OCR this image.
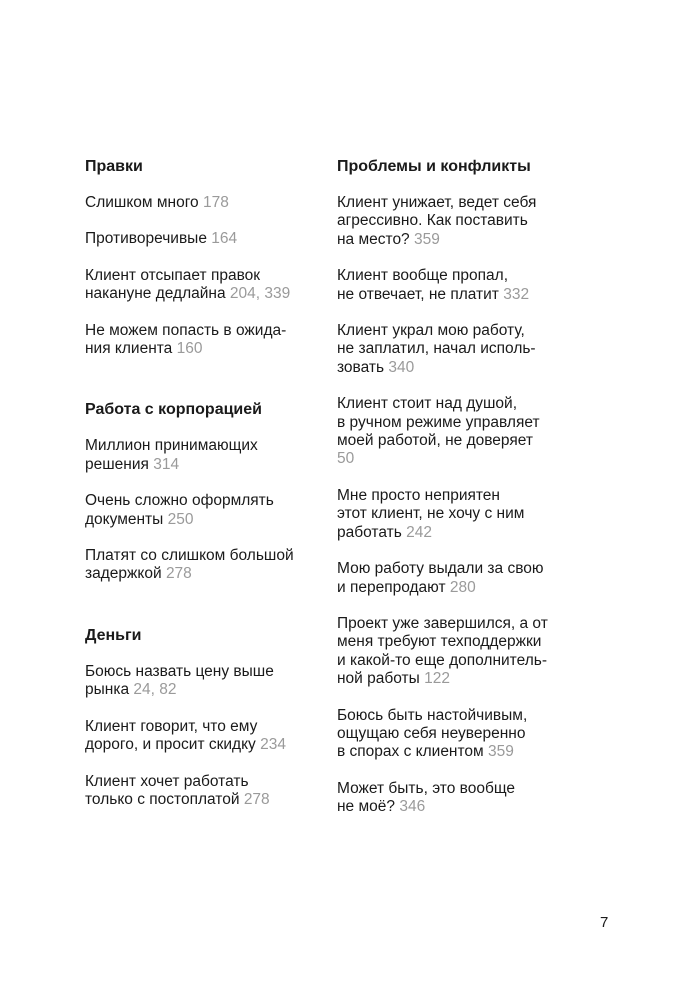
Правки
Слишком много 178
Противоречивые 164
Клиент отсыпает правок
накануне дедлайна 204, 339
Не можем попасть в ожида-
ния клиента 160
Работа с корпорацией
Миллион принимающих
решения 314
Очень сложно оформлять
документы 250
Платят со слишком большой
задержкой 278
Деньги
Боюсь назвать цену выше
рынка 24, 82
Клиент говорит, что ему
дорого, и просит скидку 234
Клиент хочет работать
только с постоплатой 278
Проблемы и конфликты
Клиент унижает, ведет себя
агрессивно. Как поставить
на место? 359
Клиент вообще пропал,
не отвечает, не платит 332
Клиент украл мою работу,
не заплатил, начал исполь-
зовать 340
Клиент стоит над душой,
в ручном режиме управляет
моей работой, не доверяет
50
Мне просто неприятен
этот клиент, не хочу с ним
работать 242
Мою работу выдали за свою
и перепродают 280
Проект уже завершился, а от
меня требуют техподдержки
и какой-то еще дополнитель-
ной работы 122
Боюсь быть настойчивым,
ощущаю себя неуверенно
в спорах с клиентом 359
Может быть, это вообще
не моё? 346
7
